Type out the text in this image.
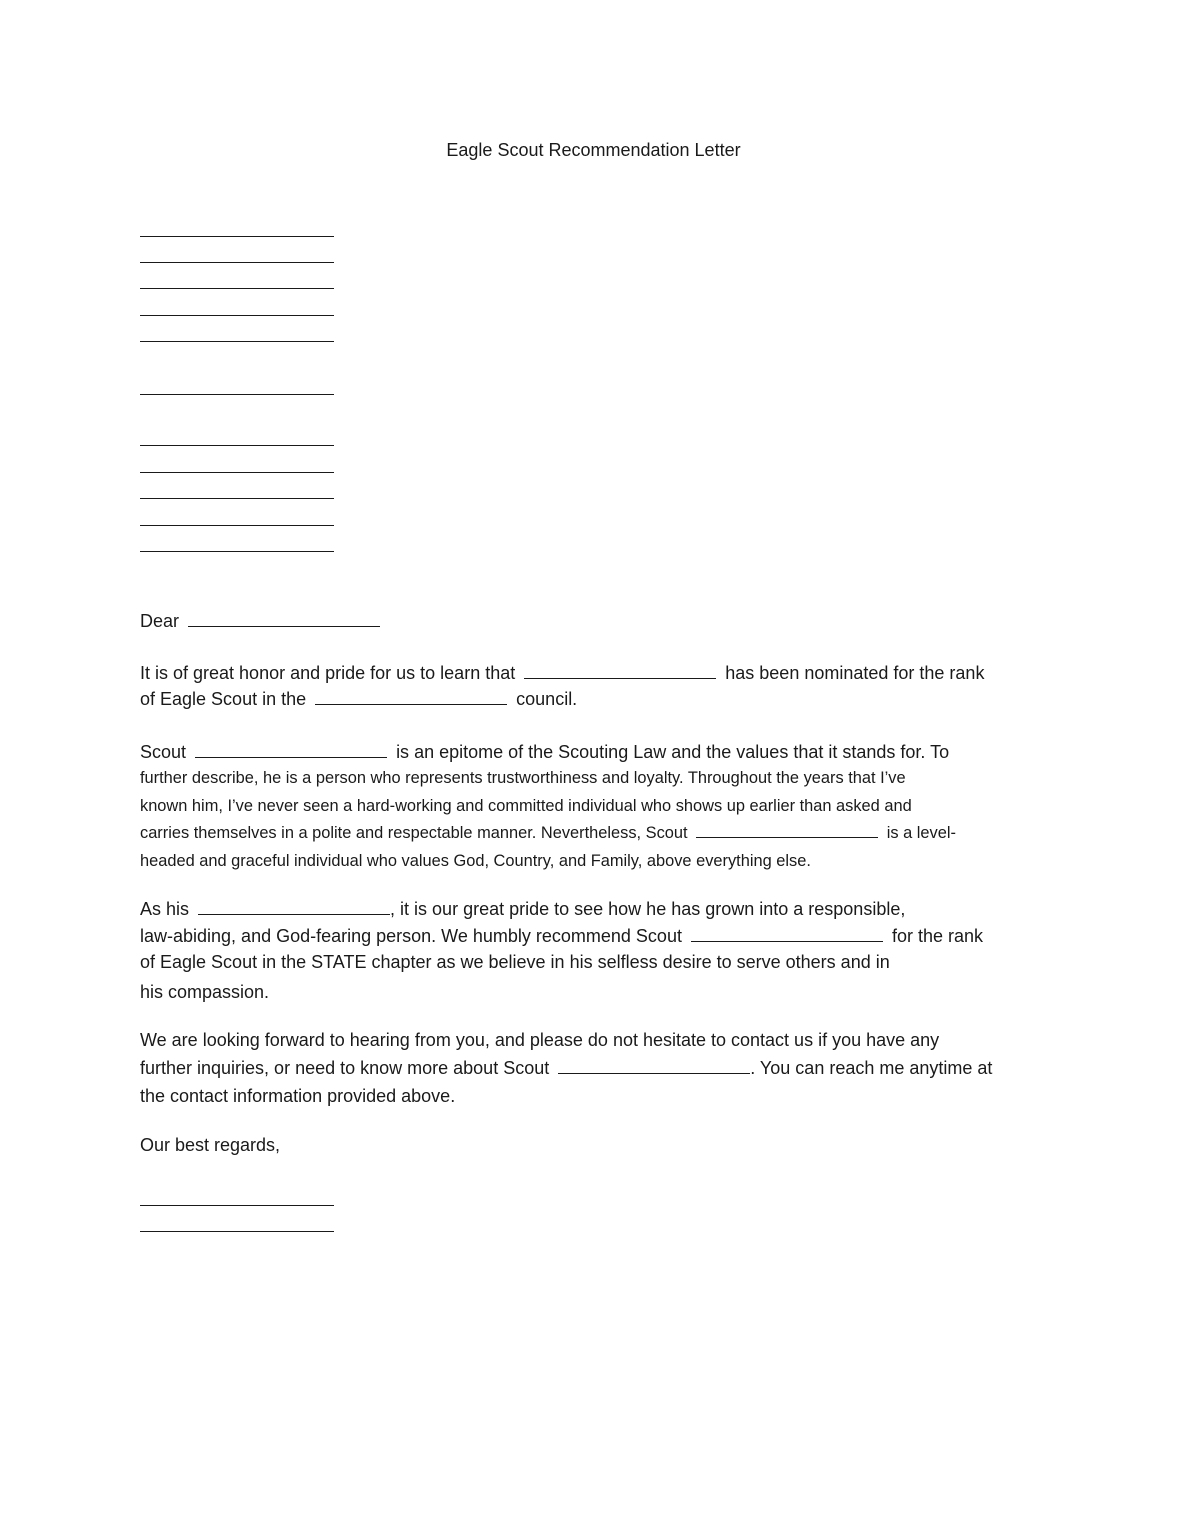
Eagle Scout Recommendation Letter
Dear
It is of great honor and pride for us to learn that	has been nominated for the rank
of Eagle Scout in the	council.
Scout	is an epitome of the Scouting Law and the values that it stands for. To
further describe, he is a person who represents trustworthiness and loyalty. Throughout the years that I’ve
known him, I’ve never seen a hard-working and committed individual who shows up earlier than asked and
carries themselves in a polite and respectable manner. Nevertheless, Scout	is a level-
headed and graceful individual who values God, Country, and Family, above everything else.
As his	, it is our great pride to see how he has grown into a responsible,
law-abiding, and God-fearing person. We humbly recommend Scout	for the rank
of Eagle Scout in the STATE chapter as we believe in his selfless desire to serve others and in
his compassion.
We are looking forward to hearing from you, and please do not hesitate to contact us if you have any
further inquiries, or need to know more about Scout	. You can reach me anytime at
the contact information provided above.
Our best regards,
